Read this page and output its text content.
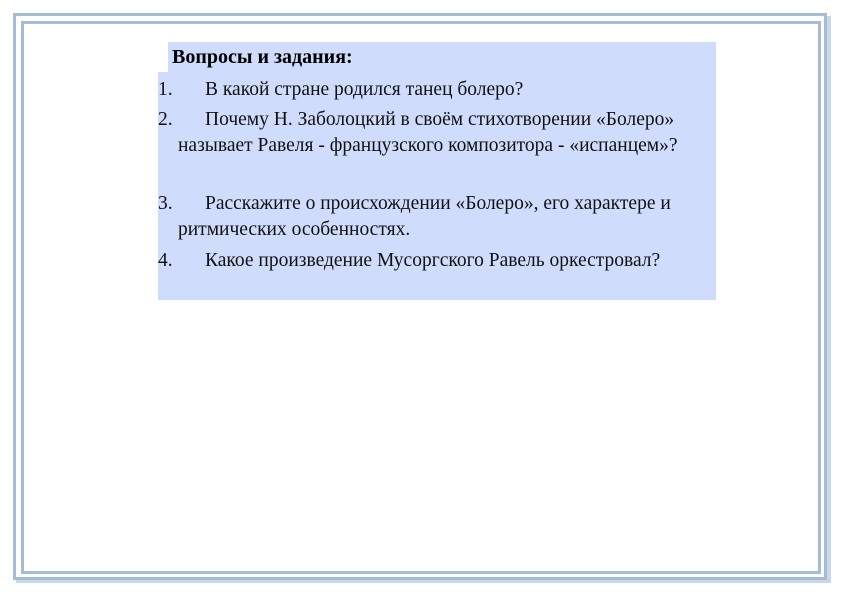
Вопросы и задания:
1.	В какой стране родился танец болеро?
2.	Почему Н. Заболоцкий в своём стихотворении «Болеро» называет Равеля - французского композитора - «испанцем»?
3.	Расскажите о происхождении «Болеро», его характере и ритмических особенностях.
4.	Какое произведение Мусоргского Равель оркестровал?
